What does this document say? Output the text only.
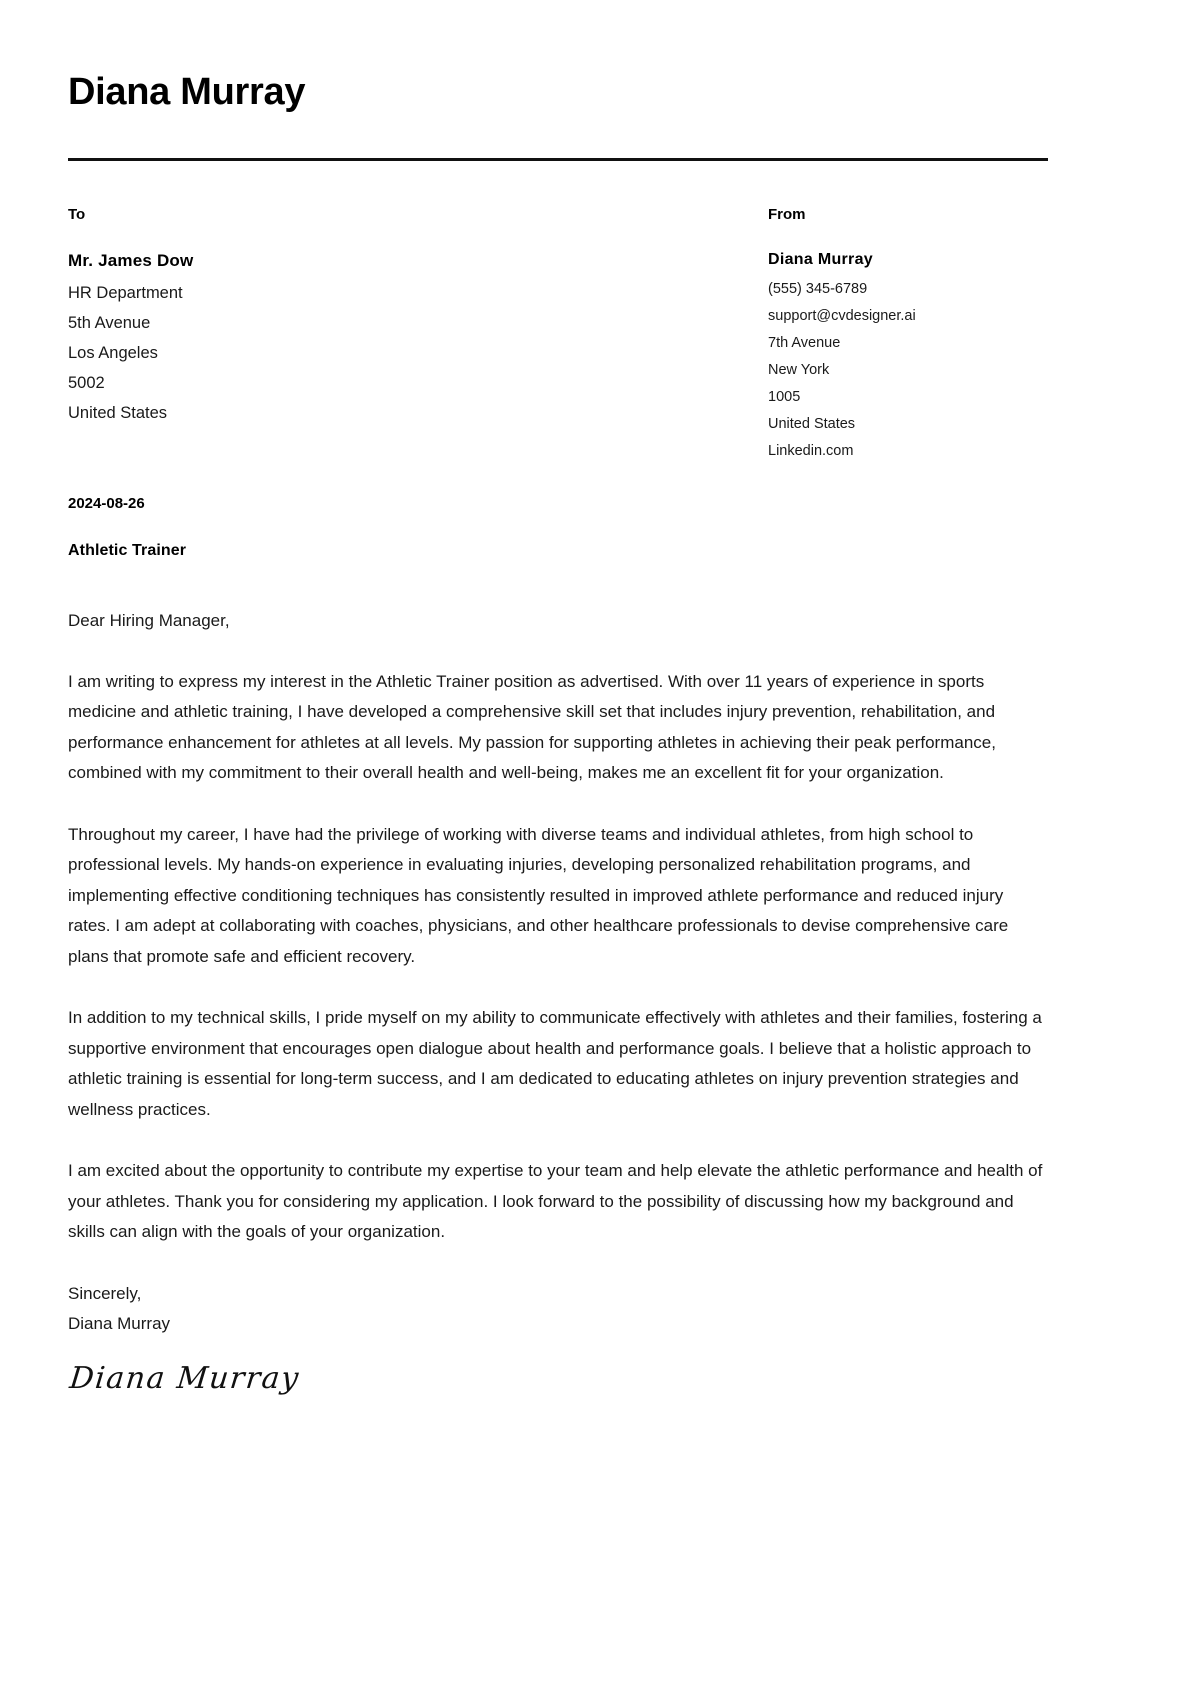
Diana Murray
To
Mr. James Dow
HR Department
5th Avenue
Los Angeles
5002
United States
From
Diana Murray
(555) 345-6789
support@cvdesigner.ai
7th Avenue
New York
1005
United States
Linkedin.com
2024-08-26
Athletic Trainer
Dear Hiring Manager,

I am writing to express my interest in the Athletic Trainer position as advertised. With over 11 years of experience in sports medicine and athletic training, I have developed a comprehensive skill set that includes injury prevention, rehabilitation, and performance enhancement for athletes at all levels. My passion for supporting athletes in achieving their peak performance, combined with my commitment to their overall health and well-being, makes me an excellent fit for your organization.

Throughout my career, I have had the privilege of working with diverse teams and individual athletes, from high school to professional levels. My hands-on experience in evaluating injuries, developing personalized rehabilitation programs, and implementing effective conditioning techniques has consistently resulted in improved athlete performance and reduced injury rates. I am adept at collaborating with coaches, physicians, and other healthcare professionals to devise comprehensive care plans that promote safe and efficient recovery.

In addition to my technical skills, I pride myself on my ability to communicate effectively with athletes and their families, fostering a supportive environment that encourages open dialogue about health and performance goals. I believe that a holistic approach to athletic training is essential for long-term success, and I am dedicated to educating athletes on injury prevention strategies and wellness practices.

I am excited about the opportunity to contribute my expertise to your team and help elevate the athletic performance and health of your athletes. Thank you for considering my application. I look forward to the possibility of discussing how my background and skills can align with the goals of your organization.

Sincerely,
Diana Murray
Diana Murray
